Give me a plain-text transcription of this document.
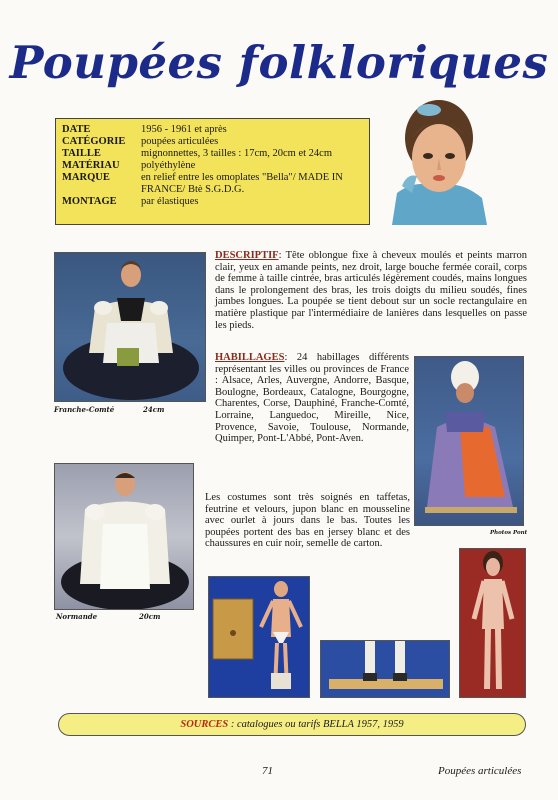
Poupées folkloriques
DATE	1956 - 1961 et après
CATÉGORIE	poupées articulées
TAILLE	mignonnettes, 3 tailles : 17cm, 20cm et 24cm
MATÉRIAU	polyéthylène
MARQUE	en relief entre les omoplates "Bella"/ MADE IN FRANCE/ Btè S.G.D.G.
MONTAGE	par élastiques
Franche-Comté	24cm
DESCRIPTIF: Tête oblongue fixe à cheveux moulés et peints marron clair, yeux en amande peints, nez droit, large bouche fermée corail, corps de femme à taille cintrée, bras articulés légèrement coudés, mains longues dans le prolongement des bras, les trois doigts du milieu soudés, fines jambes longues. La poupée se tient debout sur un socle rectangulaire en matière plastique par l'intermédiaire de lanières dans lesquelles on passe les pieds.
HABILLAGES: 24 habillages différents représentant les villes ou provinces de France : Alsace, Arles, Auvergne, Andorre, Basque, Boulogne, Bordeaux, Catalogne, Bourgogne, Charentes, Corse, Dauphiné, Franche-Comté, Lorraine, Languedoc, Mireille, Nice, Provence, Savoie, Toulouse, Normande, Quimper, Pont-L'Abbé, Pont-Aven.
Photos Pont
Normande	20cm
Les costumes sont très soignés en taffetas, feutrine et velours, jupon blanc en mousseline avec ourlet à jours dans le bas. Toutes les poupées portent des bas en jersey blanc et des chaussures en cuir noir, semelle de carton.
SOURCES : catalogues ou tarifs BELLA 1957, 1959
71	Poupées articulées
